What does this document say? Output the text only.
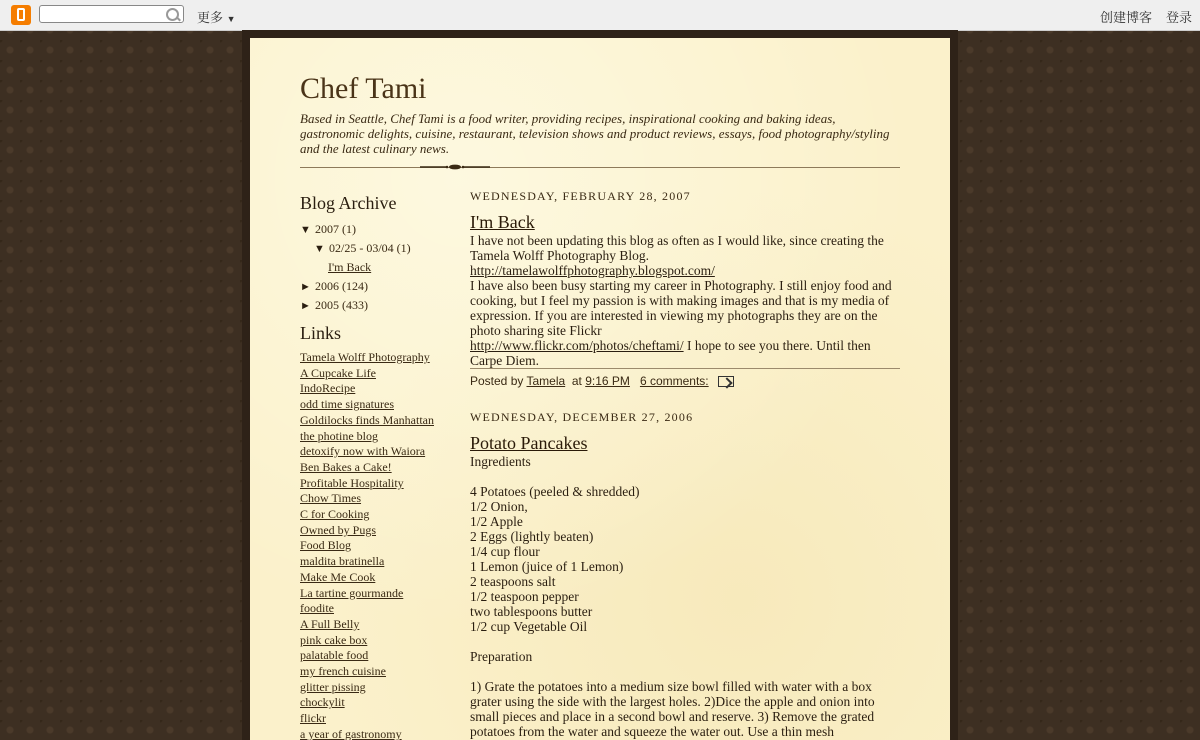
更多 ▼	创建博客 登录
Chef Tami

Based in Seattle, Chef Tami is a food writer, providing recipes, inspirational cooking and baking ideas, gastronomic delights, cuisine, restaurant, television shows and product reviews, essays, food photography/styling and the latest culinary news.

Blog Archive
▼ 2007 (1)
▼ 02/25 - 03/04 (1)
I'm Back
► 2006 (124)
► 2005 (433)
Links
Tamela Wolff Photography
A Cupcake Life
IndoRecipe
odd time signatures
Goldilocks finds Manhattan
the photine blog
detoxify now with Waiora
Ben Bakes a Cake!
Profitable Hospitality
Chow Times
C for Cooking
Owned by Pugs
Food Blog
maldita bratinella
Make Me Cook
La tartine gourmande
foodite
A Full Belly
pink cake box
palatable food
my french cuisine
glitter pissing
chockylit
flickr
a year of gastronomy
WEDNESDAY, FEBRUARY 28, 2007
I'm Back
I have not been updating this blog as often as I would like, since creating the Tamela Wolff Photography Blog.
http://tamelawolffphotography.blogspot.com/
I have also been busy starting my career in Photography. I still enjoy food and cooking, but I feel my passion is with making images and that is my media of expression. If you are interested in viewing my photographs they are on the photo sharing site Flickr
http://www.flickr.com/photos/cheftami/ I hope to see you there. Until then Carpe Diem.
Posted by Tamela at 9:16 PM 6 comments:
WEDNESDAY, DECEMBER 27, 2006
Potato Pancakes
Ingredients
4 Potatoes (peeled & shredded)
1/2 Onion,
1/2 Apple
2 Eggs (lightly beaten)
1/4 cup flour
1 Lemon (juice of 1 Lemon)
2 teaspoons salt
1/2 teaspoon pepper
two tablespoons butter
1/2 cup Vegetable Oil
Preparation
1) Grate the potatoes into a medium size bowl filled with water with a box grater using the side with the largest holes. 2)Dice the apple and onion into small pieces and place in a second bowl and reserve. 3) Remove the grated potatoes from the water and squeeze the water out. Use a thin mesh
